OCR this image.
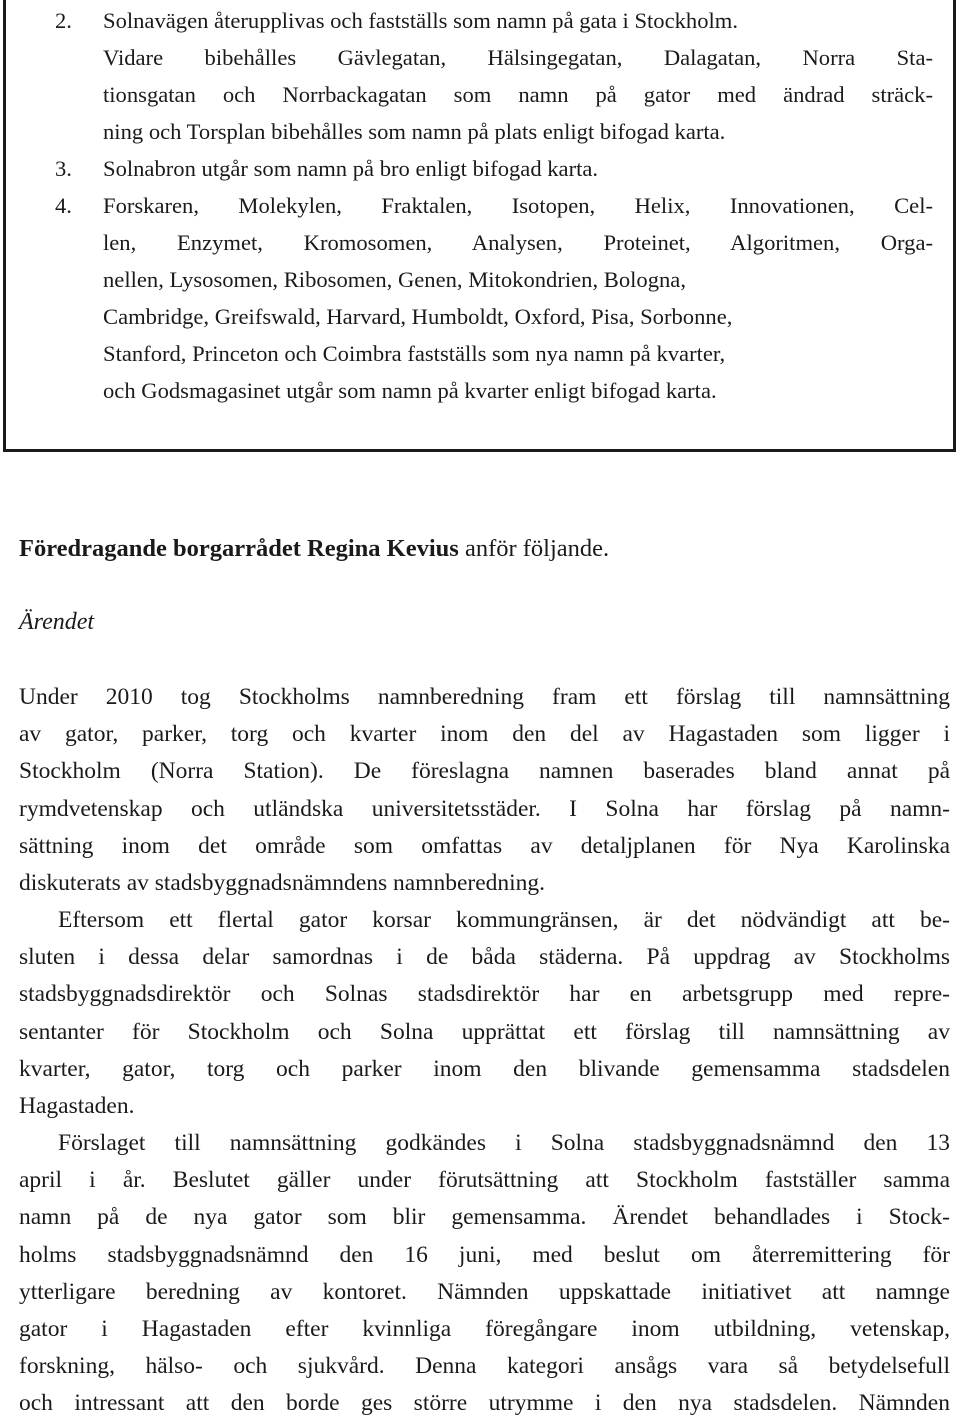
2.	Solnavägen återupplivas och fastställs som namn på gata i Stockholm.
Vidare bibehålles Gävlegatan, Hälsingegatan, Dalagatan, Norra Sta-
tionsgatan och Norrbackagatan som namn på gator med ändrad sträck-
ning och Torsplan bibehålles som namn på plats enligt bifogad karta.
3.	Solnabron utgår som namn på bro enligt bifogad karta.
4.	Forskaren, Molekylen, Fraktalen, Isotopen, Helix, Innovationen, Cel-
len, Enzymet, Kromosomen, Analysen, Proteinet, Algoritmen, Orga-
nellen, Lysosomen, Ribosomen, Genen, Mitokondrien, Bologna,
Cambridge, Greifswald, Harvard, Humboldt, Oxford, Pisa, Sorbonne,
Stanford, Princeton och Coimbra fastställs som nya namn på kvarter,
och Godsmagasinet utgår som namn på kvarter enligt bifogad karta.
Föredragande borgarrådet Regina Kevius anför följande.
Ärendet
Under 2010 tog Stockholms namnberedning fram ett förslag till namnsättning
av gator, parker, torg och kvarter inom den del av Hagastaden som ligger i
Stockholm (Norra Station). De föreslagna namnen baserades bland annat på
rymdvetenskap och utländska universitetsstäder. I Solna har förslag på namn-
sättning inom det område som omfattas av detaljplanen för Nya Karolinska
diskuterats av stadsbyggnadsnämndens namnberedning.
Eftersom ett flertal gator korsar kommungränsen, är det nödvändigt att be-
sluten i dessa delar samordnas i de båda städerna. På uppdrag av Stockholms
stadsbyggnadsdirektör och Solnas stadsdirektör har en arbetsgrupp med repre-
sentanter för Stockholm och Solna upprättat ett förslag till namnsättning av
kvarter, gator, torg och parker inom den blivande gemensamma stadsdelen
Hagastaden.
Förslaget till namnsättning godkändes i Solna stadsbyggnadsnämnd den 13
april i år. Beslutet gäller under förutsättning att Stockholm fastställer samma
namn på de nya gator som blir gemensamma. Ärendet behandlades i Stock-
holms stadsbyggnadsnämnd den 16 juni, med beslut om återremittering för
ytterligare beredning av kontoret. Nämnden uppskattade initiativet att namnge
gator i Hagastaden efter kvinnliga föregångare inom utbildning, vetenskap,
forskning, hälso- och sjukvård. Denna kategori ansågs vara så betydelsefull
och intressant att den borde ges större utrymme i den nya stadsdelen. Nämnden
